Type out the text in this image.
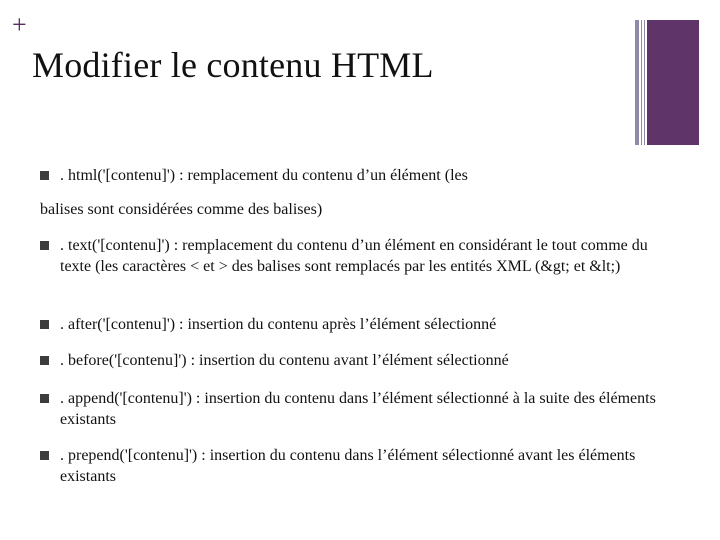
+
Modifier le contenu HTML
. html('[contenu]') : remplacement du contenu d’un élément (les
balises sont considérées comme des balises)
. text('[contenu]') : remplacement du contenu d’un élément en considérant le tout comme du texte (les caractères < et > des balises sont remplacés par les entités XML (&gt; et &lt;)
. after('[contenu]') : insertion du contenu après l’élément sélectionné
. before('[contenu]') : insertion du contenu avant l’élément sélectionné
. append('[contenu]') : insertion du contenu dans l’élément sélectionné à la suite des éléments existants
. prepend('[contenu]') : insertion du contenu dans l’élément sélectionné avant les éléments existants
